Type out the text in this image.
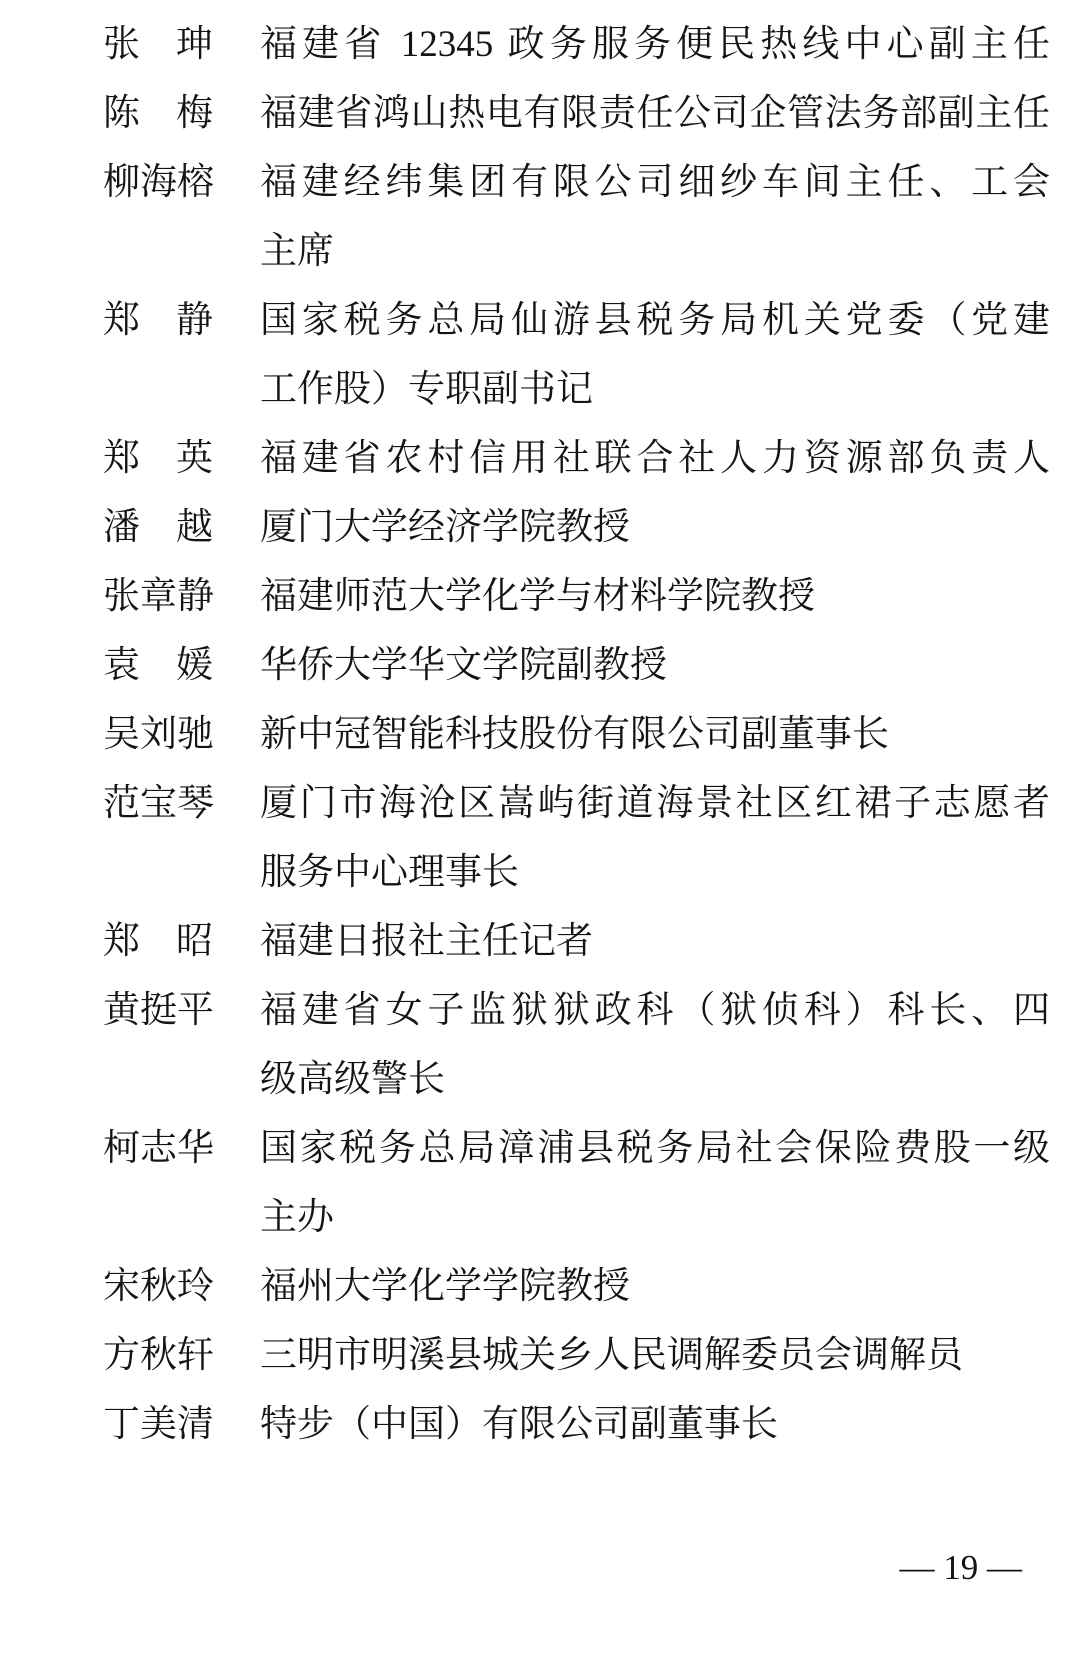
张珅 福建省 12345 政务服务便民热线中心副主任
陈梅 福建省鸿山热电有限责任公司企管法务部副主任
柳海榕 福建经纬集团有限公司细纱车间主任、工会
主席
郑静 国家税务总局仙游县税务局机关党委（党建
工作股）专职副书记
郑英 福建省农村信用社联合社人力资源部负责人
潘越 厦门大学经济学院教授
张章静 福建师范大学化学与材料学院教授
袁媛 华侨大学华文学院副教授
吴刘驰 新中冠智能科技股份有限公司副董事长
范宝琴 厦门市海沧区嵩屿街道海景社区红裙子志愿者
服务中心理事长
郑昭 福建日报社主任记者
黄挺平 福建省女子监狱狱政科（狱侦科）科长、四
级高级警长
柯志华 国家税务总局漳浦县税务局社会保险费股一级
主办
宋秋玲 福州大学化学学院教授
方秋轩 三明市明溪县城关乡人民调解委员会调解员
丁美清 特步（中国）有限公司副董事长
— 19 —
